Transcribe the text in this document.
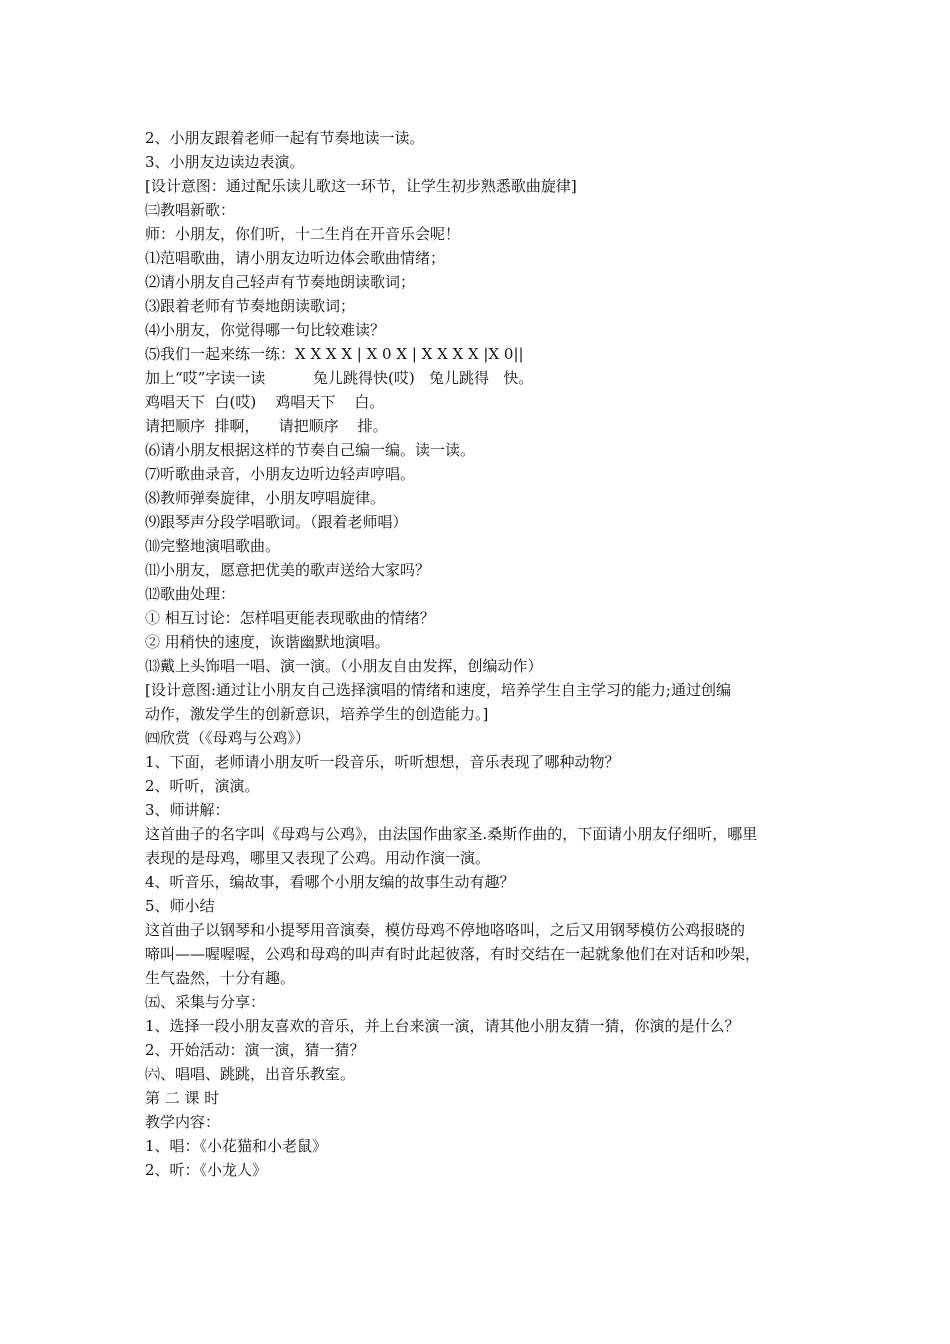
2、小朋友跟着老师一起有节奏地读一读。
3、小朋友边读边表演。
[设计意图：通过配乐读儿歌这一环节，让学生初步熟悉歌曲旋律]
㈢教唱新歌：
师：小朋友，你们听，十二生肖在开音乐会呢！
⑴范唱歌曲，请小朋友边听边体会歌曲情绪；
⑵请小朋友自己轻声有节奏地朗读歌词；
⑶跟着老师有节奏地朗读歌词；
⑷小朋友，你觉得哪一句比较难读？
⑸我们一起来练一练：X X X X | X 0 X | X X X X |X 0||
加上“哎”字读一读          兔儿跳得快(哎)   兔儿跳得   快。
鸡唱天下  白(哎)    鸡唱天下    白。
请把顺序  排啊，    请把顺序    排。
⑹请小朋友根据这样的节奏自己编一编。读一读。
⑺听歌曲录音，小朋友边听边轻声哼唱。
⑻教师弹奏旋律，小朋友哼唱旋律。
⑼跟琴声分段学唱歌词。（跟着老师唱）
⑽完整地演唱歌曲。
⑾小朋友，愿意把优美的歌声送给大家吗？
⑿歌曲处理：
① 相互讨论：怎样唱更能表现歌曲的情绪？
② 用稍快的速度，诙谐幽默地演唱。
⒀戴上头饰唱一唱、演一演。（小朋友自由发挥，创编动作）
[设计意图:通过让小朋友自己选择演唱的情绪和速度，培养学生自主学习的能力;通过创编
动作，激发学生的创新意识，培养学生的创造能力。]
㈣欣赏（《母鸡与公鸡》）
1、下面，老师请小朋友听一段音乐，听听想想，音乐表现了哪种动物？
2、听听，演演。
3、师讲解：
这首曲子的名字叫《母鸡与公鸡》，由法国作曲家圣.桑斯作曲的，下面请小朋友仔细听，哪里
表现的是母鸡，哪里又表现了公鸡。用动作演一演。
4、听音乐，编故事，看哪个小朋友编的故事生动有趣？
5、师小结
这首曲子以钢琴和小提琴用音演奏，模仿母鸡不停地咯咯叫，之后又用钢琴模仿公鸡报晓的
啼叫——喔喔喔，公鸡和母鸡的叫声有时此起彼落，有时交结在一起就象他们在对话和吵架，
生气盎然，十分有趣。
㈤、采集与分享：
1、选择一段小朋友喜欢的音乐，并上台来演一演，请其他小朋友猜一猜，你演的是什么？
2、开始活动：演一演，猜一猜？
㈥、唱唱、跳跳，出音乐教室。
第 二 课 时
教学内容：
1、唱：《小花猫和小老鼠》
2、听：《小龙人》
